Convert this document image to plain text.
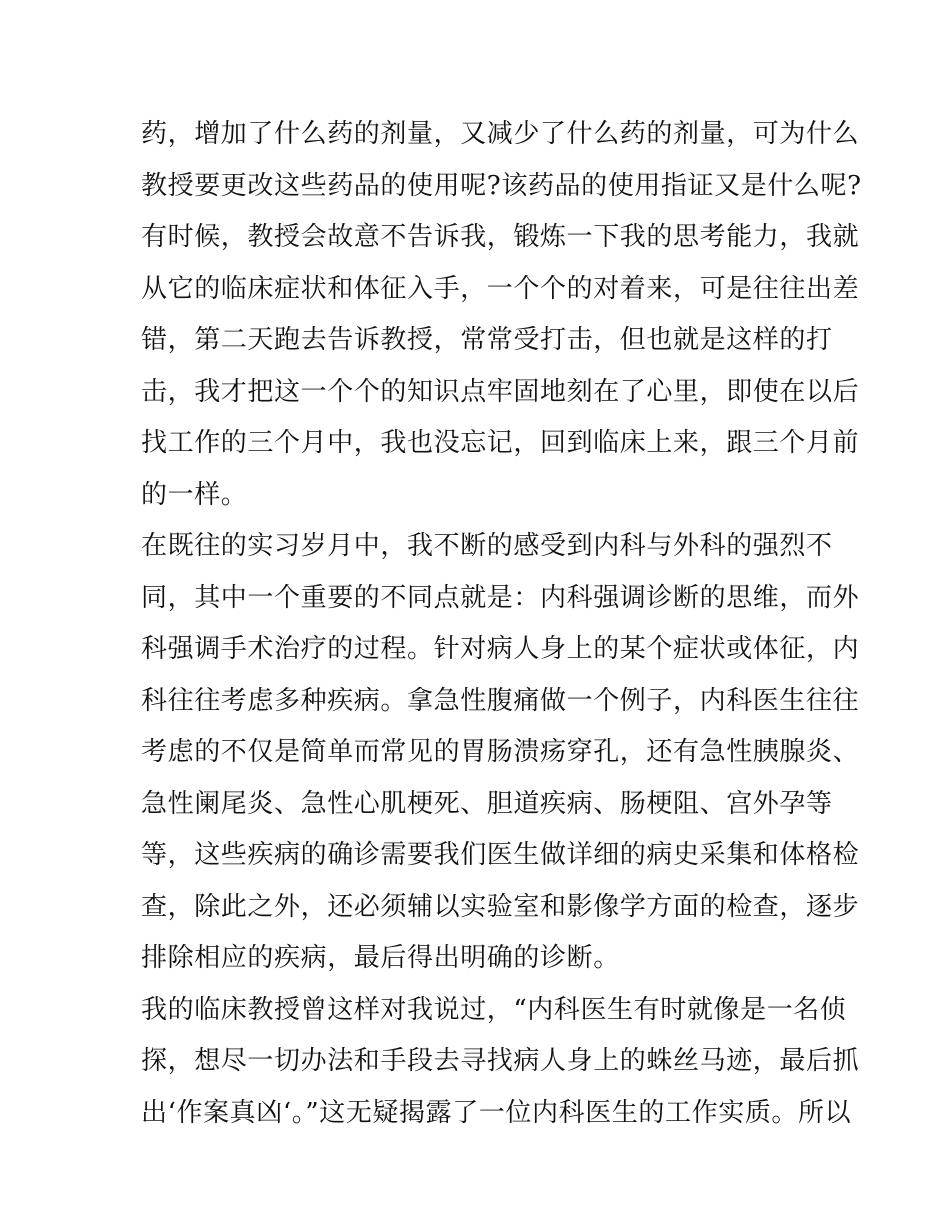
药，增加了什么药的剂量，又减少了什么药的剂量，可为什么
教授要更改这些药品的使用呢?该药品的使用指证又是什么呢?
有时候，教授会故意不告诉我，锻炼一下我的思考能力，我就
从它的临床症状和体征入手，一个个的对着来，可是往往出差
错，第二天跑去告诉教授，常常受打击，但也就是这样的打
击，我才把这一个个的知识点牢固地刻在了心里，即使在以后
找工作的三个月中，我也没忘记，回到临床上来，跟三个月前
的一样。
在既往的实习岁月中，我不断的感受到内科与外科的强烈不
同，其中一个重要的不同点就是：内科强调诊断的思维，而外
科强调手术治疗的过程。针对病人身上的某个症状或体征，内
科往往考虑多种疾病。拿急性腹痛做一个例子，内科医生往往
考虑的不仅是简单而常见的胃肠溃疡穿孔，还有急性胰腺炎、
急性阑尾炎、急性心肌梗死、胆道疾病、肠梗阻、宫外孕等
等，这些疾病的确诊需要我们医生做详细的病史采集和体格检
查，除此之外，还必须辅以实验室和影像学方面的检查，逐步
排除相应的疾病，最后得出明确的诊断。
我的临床教授曾这样对我说过，“内科医生有时就像是一名侦
探，想尽一切办法和手段去寻找病人身上的蛛丝马迹，最后抓
出‘作案真凶‘。”这无疑揭露了一位内科医生的工作实质。所以
